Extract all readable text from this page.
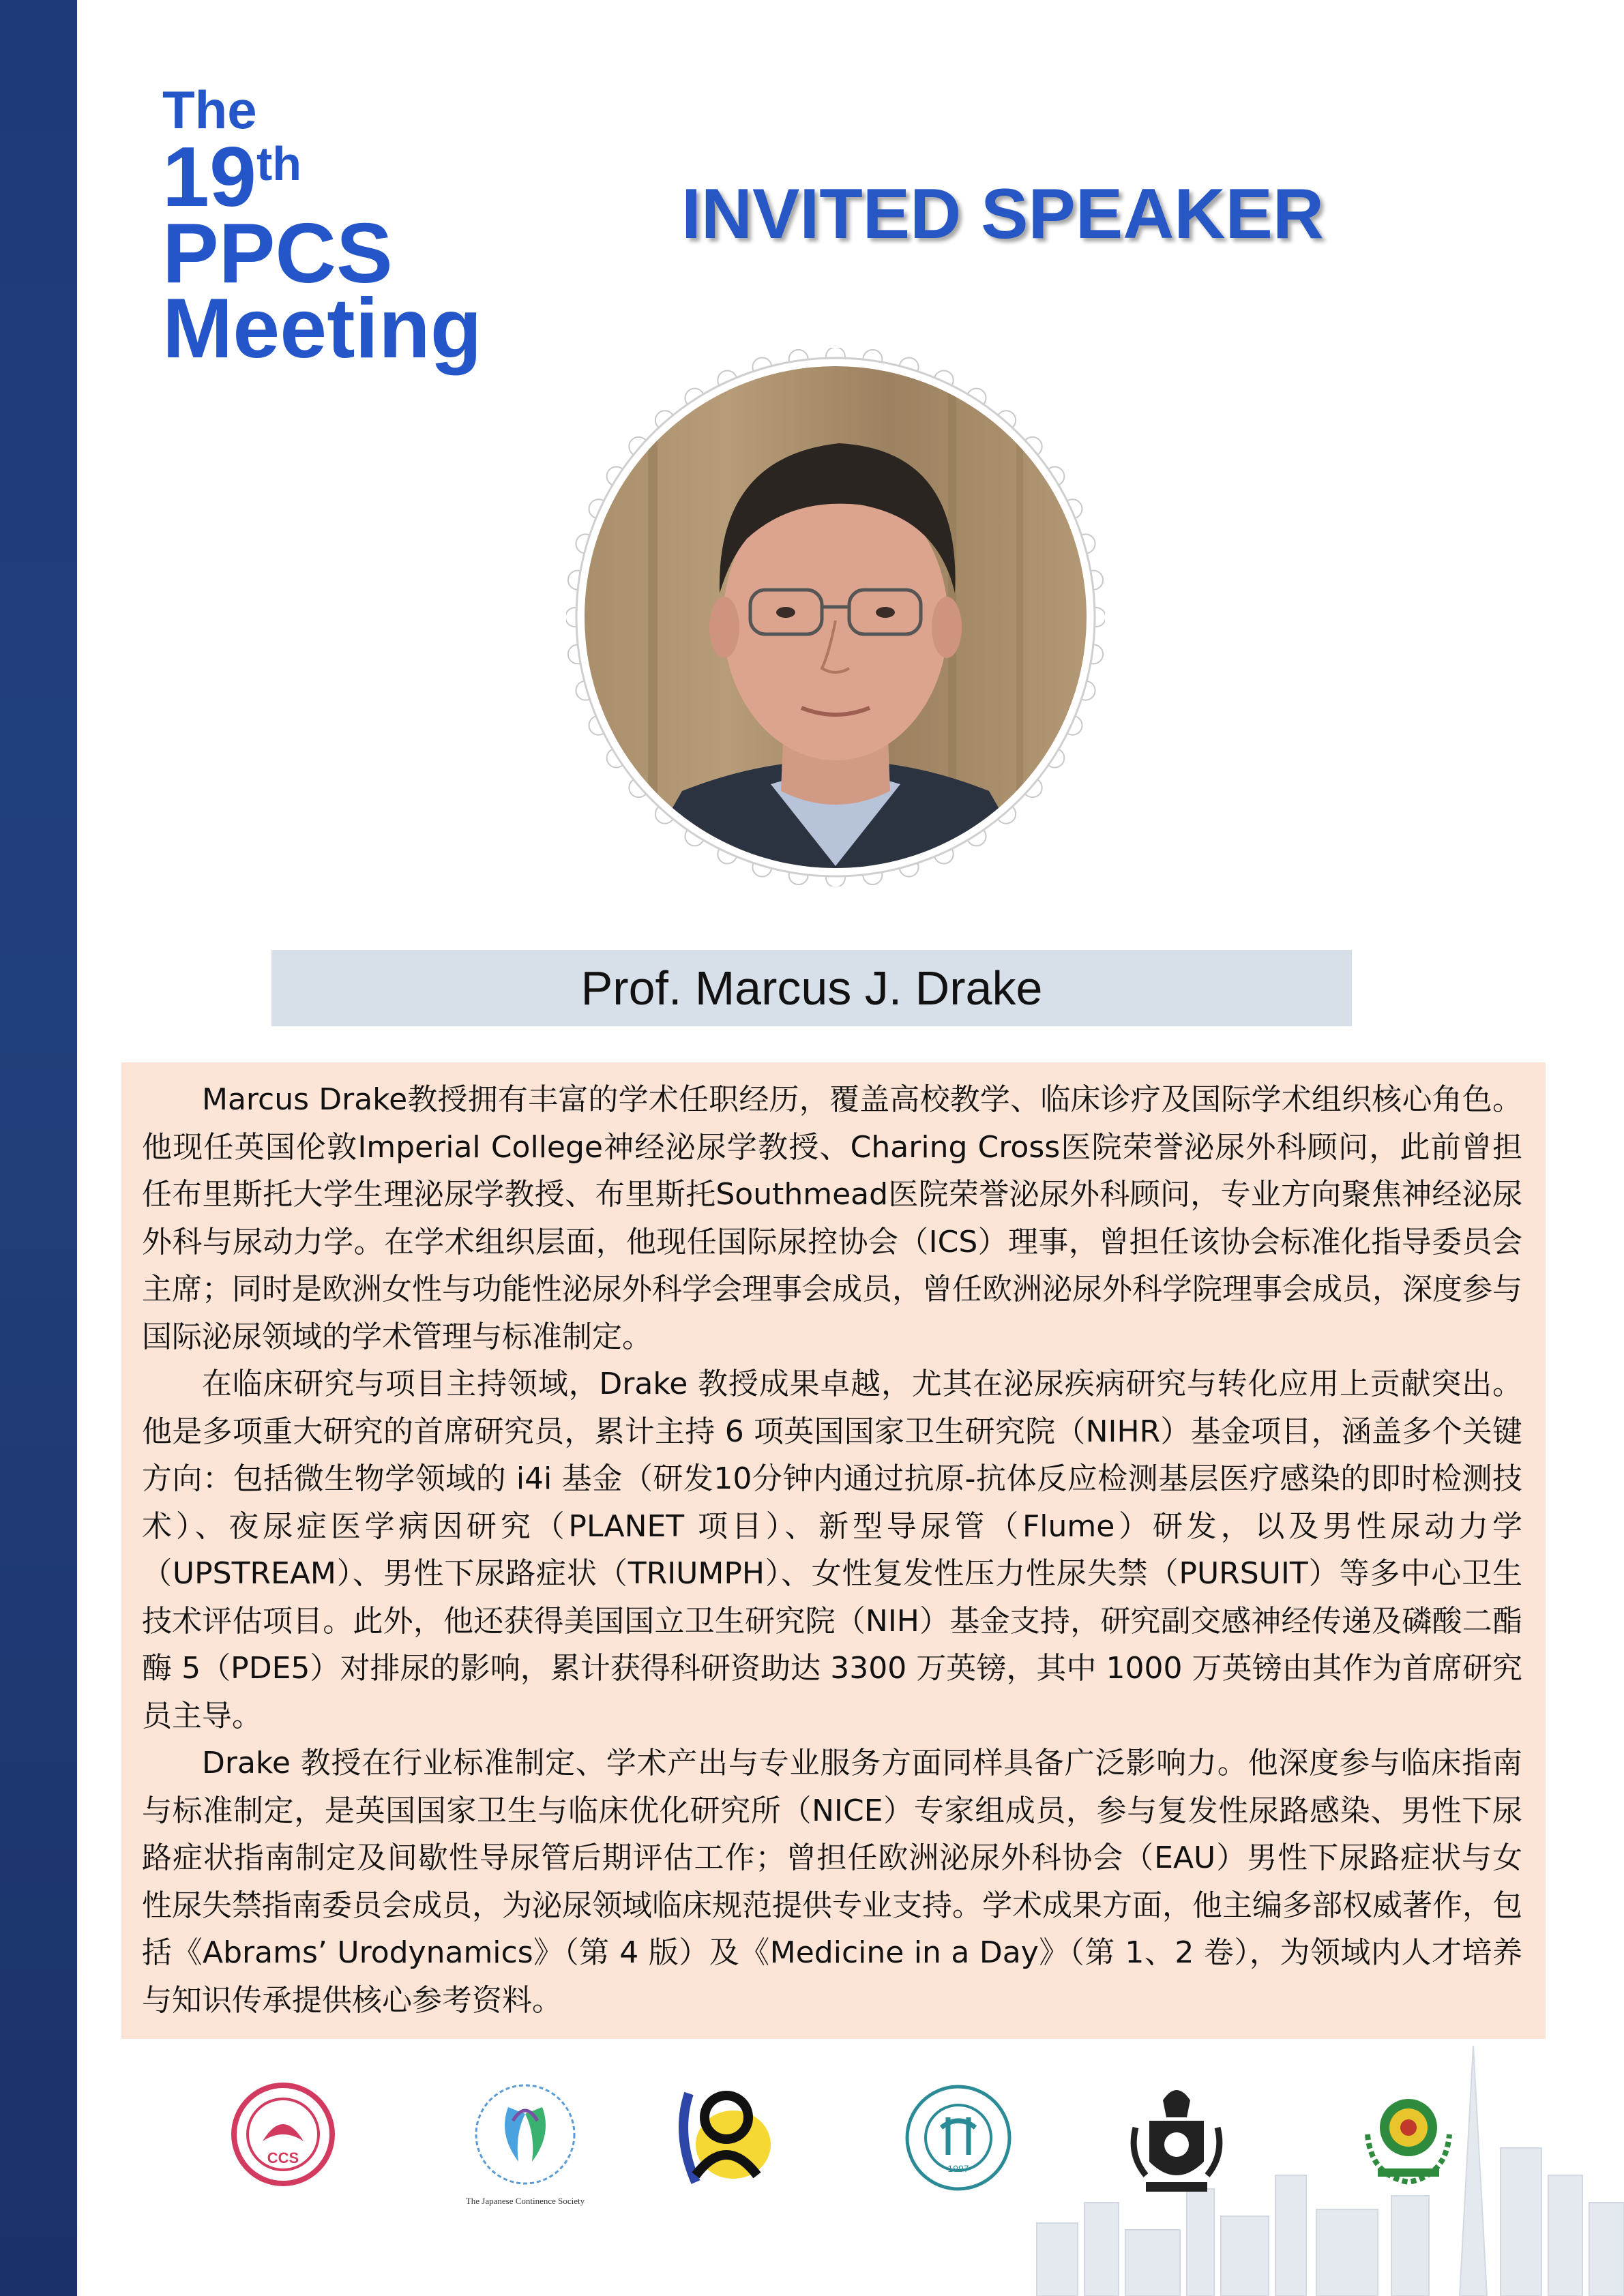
The
19th
PPCS
Meeting
INVITED SPEAKER
Prof. Marcus J. Drake

Marcus Drake教授拥有丰富的学术任职经历，覆盖高校教学、临床诊疗及国际学术组织核心角色。他现任英国伦敦Imperial College神经泌尿学教授、Charing Cross医院荣誉泌尿外科顾问，此前曾担任布里斯托大学生理泌尿学教授、布里斯托Southmead医院荣誉泌尿外科顾问，专业方向聚焦神经泌尿外科与尿动力学。在学术组织层面，他现任国际尿控协会（ICS）理事，曾担任该协会标准化指导委员会主席；同时是欧洲女性与功能性泌尿外科学会理事会成员，曾任欧洲泌尿外科学院理事会成员，深度参与国际泌尿领域的学术管理与标准制定。

在临床研究与项目主持领域，Drake 教授成果卓越，尤其在泌尿疾病研究与转化应用上贡献突出。他是多项重大研究的首席研究员，累计主持 6 项英国国家卫生研究院（NIHR）基金项目，涵盖多个关键方向：包括微生物学领域的 i4i 基金（研发10分钟内通过抗原-抗体反应检测基层医疗感染的即时检测技术）、夜尿症医学病因研究（PLANET 项目）、新型导尿管（Flume）研发，以及男性尿动力学（UPSTREAM）、男性下尿路症状（TRIUMPH）、女性复发性压力性尿失禁（PURSUIT）等多中心卫生技术评估项目。此外，他还获得美国国立卫生研究院（NIH）基金支持，研究副交感神经传递及磷酸二酯酶 5（PDE5）对排尿的影响，累计获得科研资助达 3300 万英镑，其中 1000 万英镑由其作为首席研究员主导。

Drake 教授在行业标准制定、学术产出与专业服务方面同样具备广泛影响力。他深度参与临床指南与标准制定，是英国国家卫生与临床优化研究所（NICE）专家组成员，参与复发性尿路感染、男性下尿路症状指南制定及间歇性导尿管后期评估工作；曾担任欧洲泌尿外科协会（EAU）男性下尿路症状与女性尿失禁指南委员会成员，为泌尿领域临床规范提供专业支持。学术成果方面，他主编多部权威著作，包括《Abrams’ Urodynamics》（第 4 版）及《Medicine in a Day》（第 1、2 卷），为领域内人才培养与知识传承提供核心参考资料。

CCS
The Japanese Continence Society
1997
